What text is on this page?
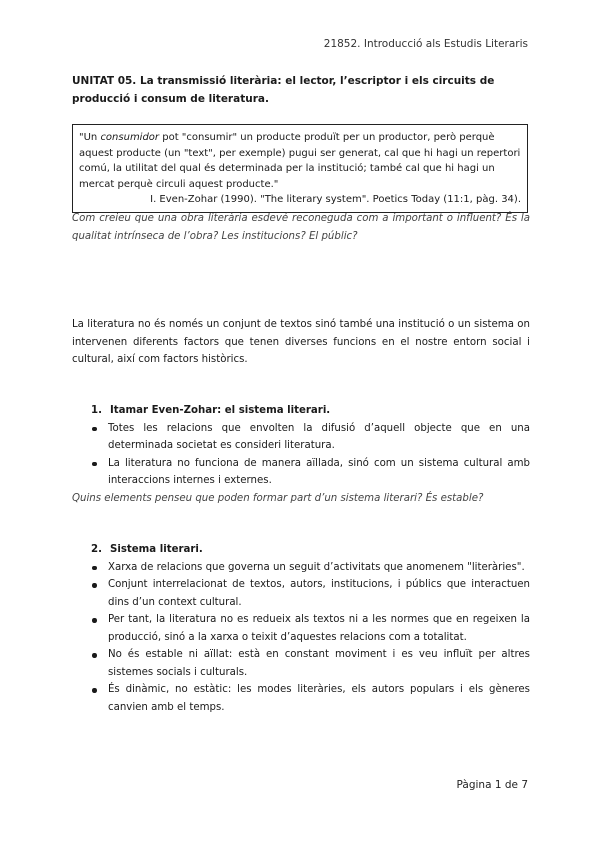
21852. Introducció als Estudis Literaris
UNITAT 05. La transmissió literària: el lector, l’escriptor i els circuits de producció i consum de literatura.
"Un consumidor pot "consumir" un producte produït per un productor, però perquè aquest producte (un "text", per exemple) pugui ser generat, cal que hi hagi un repertori comú, la utilitat del qual és determinada per la institució; també cal que hi hagi un mercat perquè circuli aquest producte."
I. Even-Zohar (1990). "The literary system". Poetics Today (11:1, pàg. 34).
Com creieu que una obra literària esdevé reconeguda com a important o influent? És la qualitat intrínseca de l’obra? Les institucions? El públic?
La literatura no és només un conjunt de textos sinó també una institució o un sistema on intervenen diferents factors que tenen diverses funcions en el nostre entorn social i cultural, així com factors històrics.
1. Itamar Even-Zohar: el sistema literari.
Totes les relacions que envolten la difusió d’aquell objecte que en una determinada societat es consideri literatura.
La literatura no funciona de manera aïllada, sinó com un sistema cultural amb interaccions internes i externes.
Quins elements penseu que poden formar part d’un sistema literari? És estable?
2. Sistema literari.
Xarxa de relacions que governa un seguit d’activitats que anomenem "literàries".
Conjunt interrelacionat de textos, autors, institucions, i públics que interactuen dins d’un context cultural.
Per tant, la literatura no es redueix als textos ni a les normes que en regeixen la producció, sinó a la xarxa o teixit d’aquestes relacions com a totalitat.
No és estable ni aïllat: està en constant moviment i es veu influït per altres sistemes socials i culturals.
És dinàmic, no estàtic: les modes literàries, els autors populars i els gèneres canvien amb el temps.
Pàgina 1 de 7
